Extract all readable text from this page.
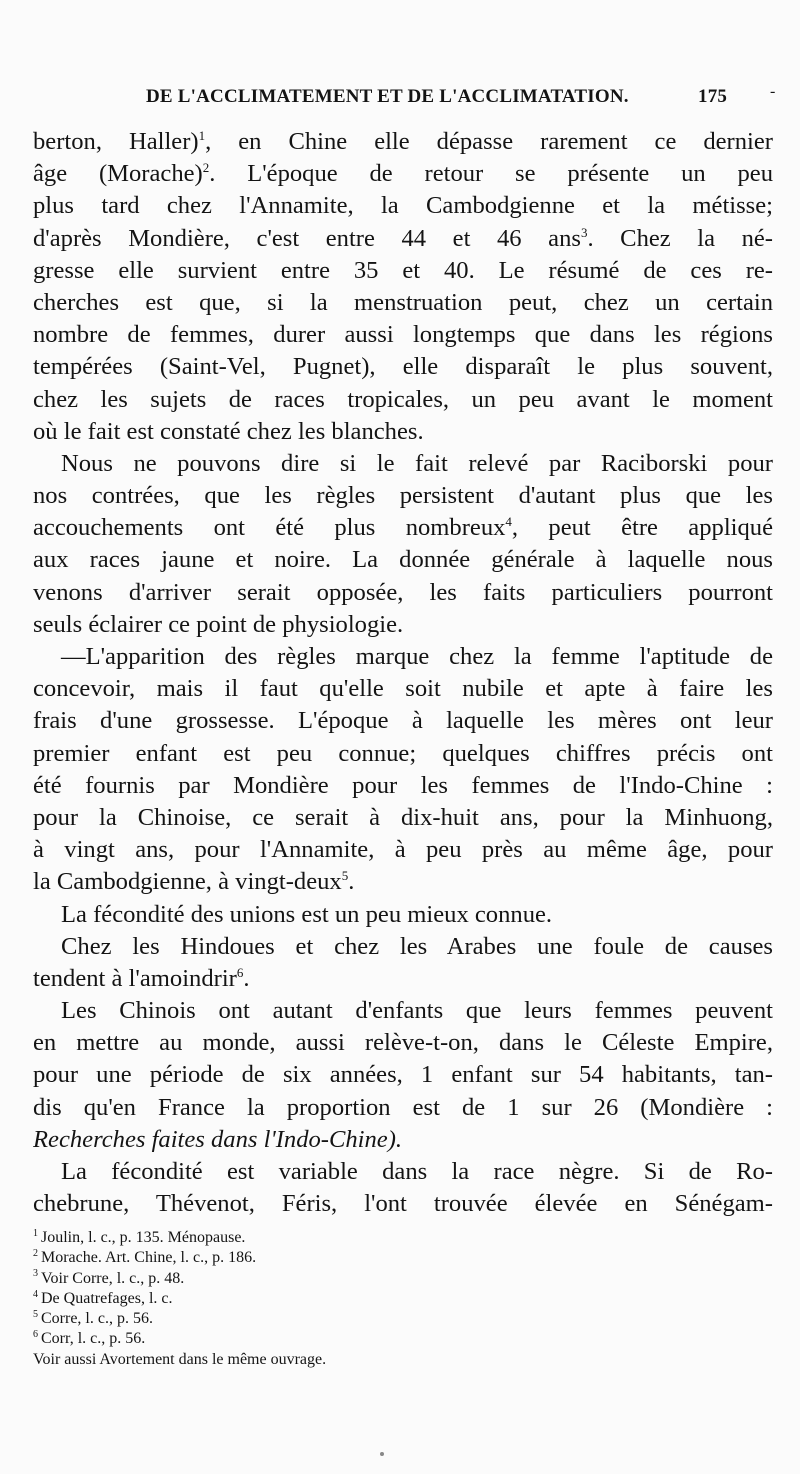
DE L'ACCLIMATEMENT ET DE L'ACCLIMATATION.	175	-
berton, Haller)$^1$, en Chine elle dépasse rarement ce dernier
âge (Morache)$^2$. L'époque de retour se présente un peu
plus tard chez l'Annamite, la Cambodgienne et la métisse;
d'après Mondière, c'est entre 44 et 46 ans$^3$. Chez la né-
gresse elle survient entre 35 et 40. Le résumé de ces re-
cherches est que, si la menstruation peut, chez un certain
nombre de femmes, durer aussi longtemps que dans les régions
tempérées (Saint-Vel, Pugnet), elle disparaît le plus souvent,
chez les sujets de races tropicales, un peu avant le moment
où le fait est constaté chez les blanches.
Nous ne pouvons dire si le fait relevé par Raciborski pour
nos contrées, que les règles persistent d'autant plus que les
accouchements ont été plus nombreux$^4$, peut être appliqué
aux races jaune et noire. La donnée générale à laquelle nous
venons d'arriver serait opposée, les faits particuliers pourront
seuls éclairer ce point de physiologie.
—L'apparition des règles marque chez la femme l'aptitude de
concevoir, mais il faut qu'elle soit nubile et apte à faire les
frais d'une grossesse. L'époque à laquelle les mères ont leur
premier enfant est peu connue; quelques chiffres précis ont
été fournis par Mondière pour les femmes de l'Indo-Chine :
pour la Chinoise, ce serait à dix-huit ans, pour la Minhuong,
à vingt ans, pour l'Annamite, à peu près au même âge, pour
la Cambodgienne, à vingt-deux$^5$.
La fécondité des unions est un peu mieux connue.
Chez les Hindoues et chez les Arabes une foule de causes
tendent à l'amoindrir$^6$.
Les Chinois ont autant d'enfants que leurs femmes peuvent
en mettre au monde, aussi relève-t-on, dans le Céleste Empire,
pour une période de six années, 1 enfant sur 54 habitants, tan-
dis qu'en France la proportion est de 1 sur 26 (Mondière :
Recherches faites dans l'Indo-Chine).
La fécondité est variable dans la race nègre. Si de Ro-
chebrune, Thévenot, Féris, l'ont trouvée élevée en Sénégam-
$^1$ Joulin, l. c., p. 135. Ménopause.
$^2$ Morache. Art. Chine, l. c., p. 186.
$^3$ Voir Corre, l. c., p. 48.
$^4$ De Quatrefages, l. c.
$^5$ Corre, l. c., p. 56.
$^6$ Corr, l. c., p. 56.
Voir aussi Avortement dans le même ouvrage.
